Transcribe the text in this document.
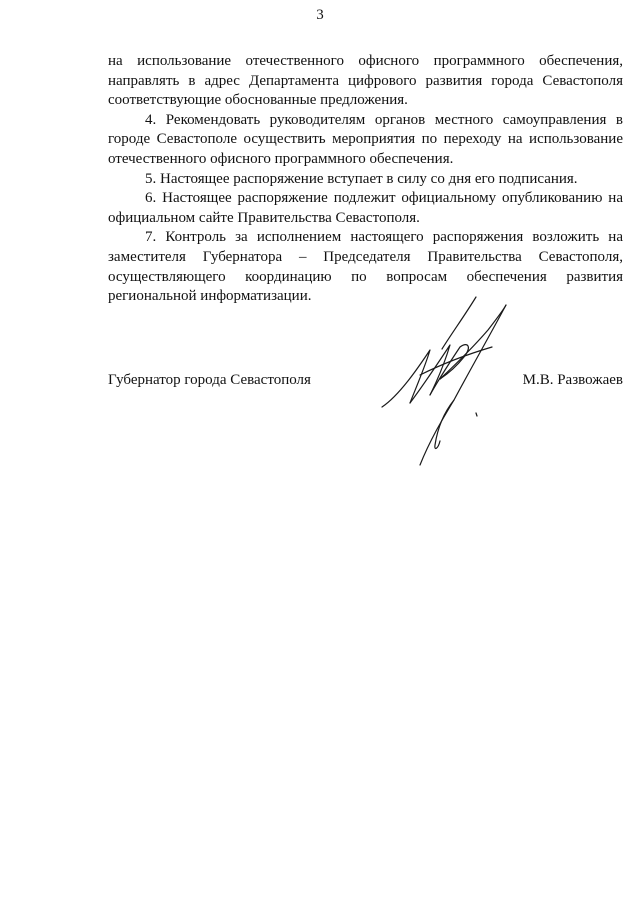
3

на использование отечественного офисного программного обеспечения, направлять в адрес Департамента цифрового развития города Севастополя соответствующие обоснованные предложения.

4. Рекомендовать руководителям органов местного самоуправления в городе Севастополе осуществить мероприятия по переходу на использование отечественного офисного программного обеспечения.

5. Настоящее распоряжение вступает в силу со дня его подписания.

6. Настоящее распоряжение подлежит официальному опубликованию на официальном сайте Правительства Севастополя.

7. Контроль за исполнением настоящего распоряжения возложить на заместителя Губернатора – Председателя Правительства Севастополя, осуществляющего координацию по вопросам обеспечения развития региональной информатизации.

Губернатор города Севастополя	М.В. Развожаев
